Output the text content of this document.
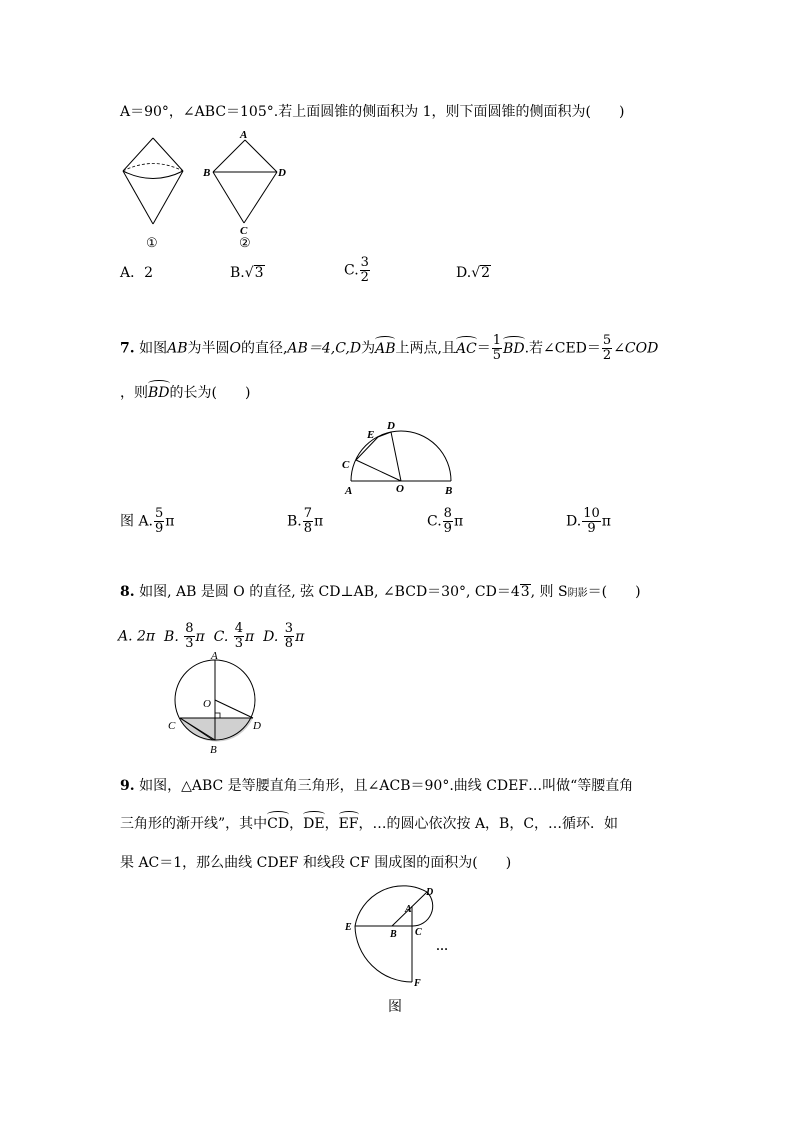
A＝90°，∠ABC＝105°.若上面圆锥的侧面积为 1，则下面圆锥的侧面积为(　　)
①
A
B	D
C
②
A．2	B.√3	C. $\frac{3}{2}$	D.√2
7. 如图AB为半圆O的直径,AB＝4,C,D为AB上两点,且$AC= \frac{1}{5}$ BD.若∠CED＝ $\frac{5}{2}$ ∠COD
，则BD的长为(　　)
D
E
C
A	O	B
图 A. $\frac{5}{9}$ π	B. $\frac{7}{8}$ π	C. $\frac{8}{9}$ π	D. $\frac{10}{9}$ π
8. 如图, AB 是圆 O 的直径, 弦 CD⊥AB, ∠BCD＝30°, CD＝43, 则 S阴影＝(　　)
A. 2π B. $\frac{8}{3}$ π C. $\frac{4}{3}$ π D. $\frac{3}{8}$ π
A
O
C	D
B
9. 如图，△ABC 是等腰直角三角形，且∠ACB＝90°.曲线 CDEF…叫做“等腰直角
三角形的渐开线”，其中CD，DE，EF，…的圆心依次按 A，B，C，…循环．如
果 AC＝1，那么曲线 CDEF 和线段 CF 围成图的面积为(　　)
D
A
E
B C
F
…
图
